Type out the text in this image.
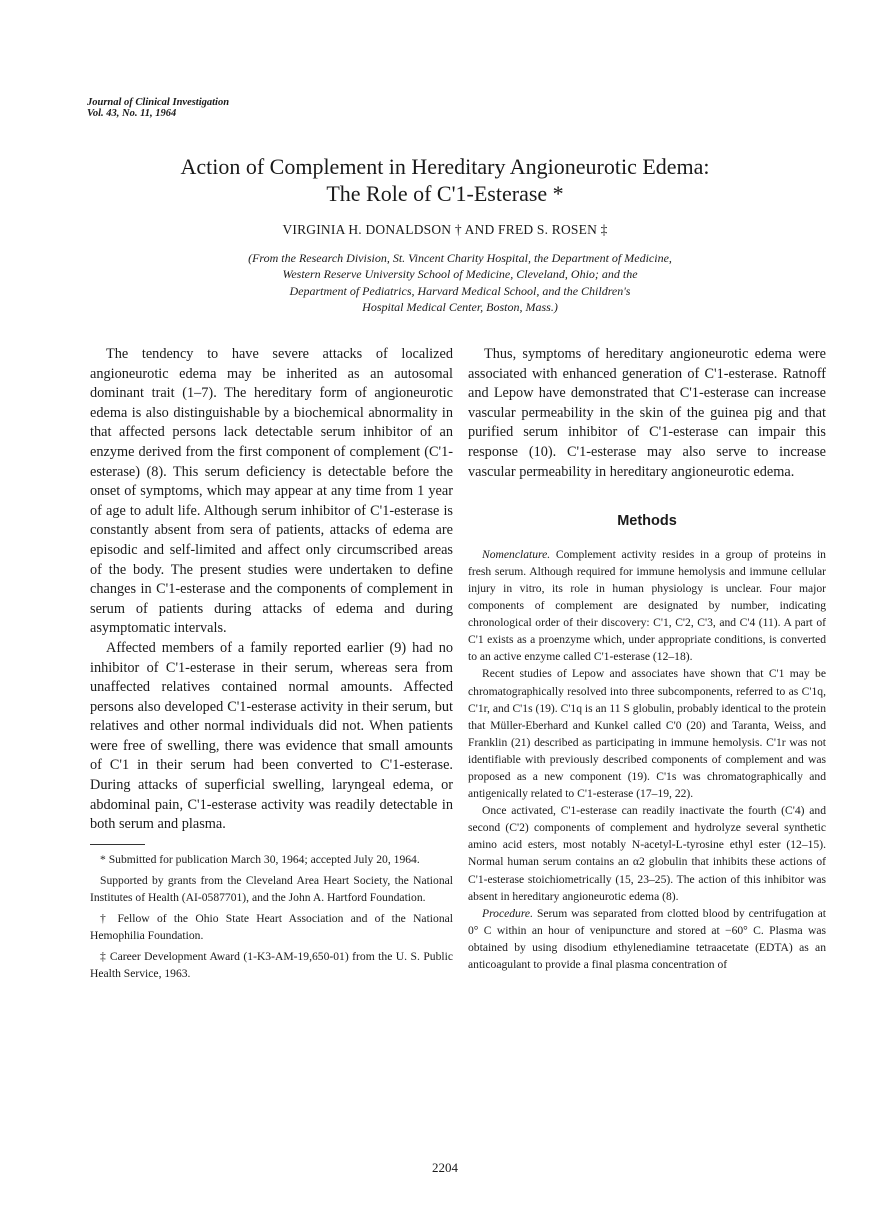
Journal of Clinical Investigation
Vol. 43, No. 11, 1964
Action of Complement in Hereditary Angioneurotic Edema:
The Role of C'1-Esterase *
VIRGINIA H. DONALDSON † AND FRED S. ROSEN ‡
(From the Research Division, St. Vincent Charity Hospital, the Department of Medicine,
Western Reserve University School of Medicine, Cleveland, Ohio; and the
Department of Pediatrics, Harvard Medical School, and the Children's
Hospital Medical Center, Boston, Mass.)

The tendency to have severe attacks of localized angioneurotic edema may be inherited as an autosomal dominant trait (1–7). The hereditary form of angioneurotic edema is also distinguishable by a biochemical abnormality in that affected persons lack detectable serum inhibitor of an enzyme derived from the first component of complement (C'1-esterase) (8). This serum deficiency is detectable before the onset of symptoms, which may appear at any time from 1 year of age to adult life. Although serum inhibitor of C'1-esterase is constantly absent from sera of patients, attacks of edema are episodic and self-limited and affect only circumscribed areas of the body. The present studies were undertaken to define changes in C'1-esterase and the components of complement in serum of patients during attacks of edema and during asymptomatic intervals.

Affected members of a family reported earlier (9) had no inhibitor of C'1-esterase in their serum, whereas sera from unaffected relatives contained normal amounts. Affected persons also developed C'1-esterase activity in their serum, but relatives and other normal individuals did not. When patients were free of swelling, there was evidence that small amounts of C'1 in their serum had been converted to C'1-esterase. During attacks of superficial swelling, laryngeal edema, or abdominal pain, C'1-esterase activity was readily detectable in both serum and plasma.

* Submitted for publication March 30, 1964; accepted July 20, 1964.

Supported by grants from the Cleveland Area Heart Society, the National Institutes of Health (AI-0587701), and the John A. Hartford Foundation.

† Fellow of the Ohio State Heart Association and of the National Hemophilia Foundation.

‡ Career Development Award (1-K3-AM-19,650-01) from the U. S. Public Health Service, 1963.

Thus, symptoms of hereditary angioneurotic edema were associated with enhanced generation of C'1-esterase. Ratnoff and Lepow have demonstrated that C'1-esterase can increase vascular permeability in the skin of the guinea pig and that purified serum inhibitor of C'1-esterase can impair this response (10). C'1-esterase may also serve to increase vascular permeability in hereditary angioneurotic edema.

Methods

Nomenclature. Complement activity resides in a group of proteins in fresh serum. Although required for immune hemolysis and immune cellular injury in vitro, its role in human physiology is unclear. Four major components of complement are designated by number, indicating chronological order of their discovery: C'1, C'2, C'3, and C'4 (11). A part of C'1 exists as a proenzyme which, under appropriate conditions, is converted to an active enzyme called C'1-esterase (12–18).

Recent studies of Lepow and associates have shown that C'1 may be chromatographically resolved into three subcomponents, referred to as C'1q, C'1r, and C'1s (19). C'1q is an 11 S globulin, probably identical to the protein that Müller-Eberhard and Kunkel called C'0 (20) and Taranta, Weiss, and Franklin (21) described as participating in immune hemolysis. C'1r was not identifiable with previously described components of complement and was proposed as a new component (19). C'1s was chromatographically and antigenically related to C'1-esterase (17–19, 22).

Once activated, C'1-esterase can readily inactivate the fourth (C'4) and second (C'2) components of complement and hydrolyze several synthetic amino acid esters, most notably N-acetyl-L-tyrosine ethyl ester (12–15). Normal human serum contains an α2 globulin that inhibits these actions of C'1-esterase stoichiometrically (15, 23–25). The action of this inhibitor was absent in hereditary angioneurotic edema (8).

Procedure. Serum was separated from clotted blood by centrifugation at 0° C within an hour of venipuncture and stored at −60° C. Plasma was obtained by using disodium ethylenediamine tetraacetate (EDTA) as an anticoagulant to provide a final plasma concentration of

2204
